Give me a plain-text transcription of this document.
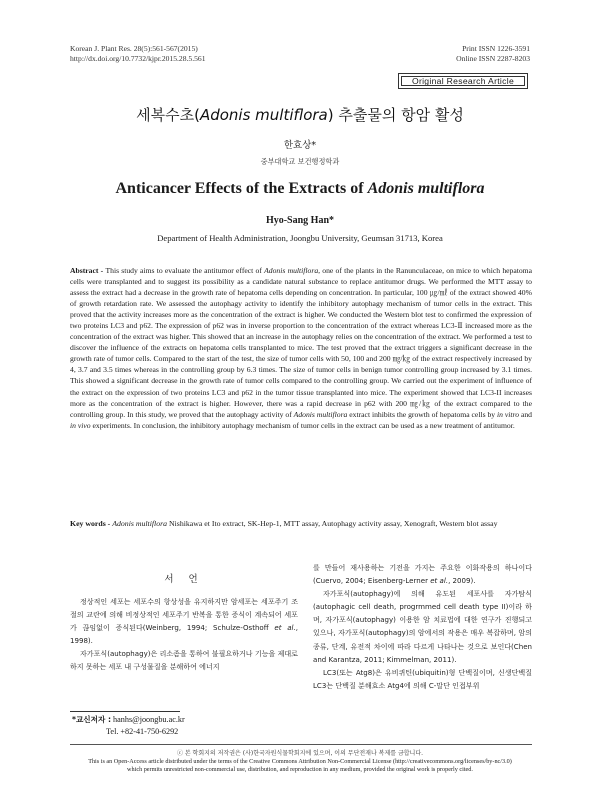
Korean J. Plant Res. 28(5):561-567(2015)
http://dx.doi.org/10.7732/kjpr.2015.28.5.561
Print ISSN 1226-3591
Online ISSN 2287-8203
Original Research Article
세복수초(Adonis multiflora) 추출물의 항암 활성
한효상*
중부대학교 보건행정학과
Anticancer Effects of the Extracts of Adonis multiflora
Hyo-Sang Han*
Department of Health Administration, Joongbu University, Geumsan 31713, Korea
Abstract - This study aims to evaluate the antitumor effect of Adonis multiflora, one of the plants in the Ranunculaceae, on mice to which hepatoma cells were transplanted and to suggest its possibility as a candidate natural substance to replace antitumor drugs. We performed the MTT assay to assess the extract had a decrease in the growth rate of hepatoma cells depending on concentration. In particular, 100 ㎍/㎖ of the extract showed 40% of growth retardation rate. We assessed the autophagy activity to identify the inhibitory autophagy mechanism of tumor cells in the extract. This proved that the activity increases more as the concentration of the extract is higher. We conducted the Western blot test to confirmed the expression of two proteins LC3 and p62. The expression of p62 was in inverse proportion to the concentration of the extract whereas LC3-Ⅱ increased more as the concentration of the extract was higher. This showed that an increase in the autophagy relies on the concentration of the extract. We performed a test to discover the influence of the extracts on hepatoma cells transplanted to mice. The test proved that the extract triggers a significant decrease in the growth rate of tumor cells. Compared to the start of the test, the size of tumor cells with 50, 100 and 200 ㎎/㎏ of the extract respectively increased by 4, 3.7 and 3.5 times whereas in the controlling group by 6.3 times. The size of tumor cells in benign tumor controlling group increased by 3.1 times. This showed a significant decrease in the growth rate of tumor cells compared to the controlling group. We carried out the experiment of influence of the extract on the expression of two proteins LC3 and p62 in the tumor tissue transplanted into mice. The experiment showed that LC3-II increases more as the concentration of the extract is higher. However, there was a rapid decrease in p62 with 200 ㎎/㎏ of the extract compared to the controlling group. In this study, we proved that the autophagy activity of Adonis multiflora extract inhibits the growth of hepatoma cells by in vitro and in vivo experiments. In conclusion, the inhibitory autophagy mechanism of tumor cells in the extract can be used as a new treatment of antitumor.
Key words - Adonis multiflora Nishikawa et Ito extract, SK-Hep-1, MTT assay, Autophagy activity assay, Xenograft, Western blot assay
서 언

정상적인 세포는 세포수의 항상성을 유지하지만 암세포는 세포주기 조절의 교란에 의해 비정상적인 세포주기 반복을 통한 증식이 계속되어 세포가 끊임없이 증식된다(Weinberg, 1994; Schulze-Osthoff et al., 1998).

자가포식(autophagy)은 리소좀을 통하여 불필요하거나 기능을 제대로 하지 못하는 세포 내 구성물질을 분해하여 에너지

를 만들어 재사용하는 기전을 가지는 주요한 이화작용의 하나이다(Cuervo, 2004; Eisenberg-Lerner et al., 2009).

자가포식(autophagy)에 의해 유도된 세포사를 자가탐식(autophagic cell death, progrmmed cell death type II)이라 하며, 자가포식(autophagy) 이용한 암 치료법에 대한 연구가 진행되고 있으나, 자가포식(autophagy)의 암에서의 작용은 매우 복잡하며, 암의 종류, 단계, 유전적 차이에 따라 다르게 나타나는 것으로 보인다(Chen and Karantza, 2011; Kimmelman, 2011).

LC3(또는 Atg8)은 유비퀴틴(ubiquitin)형 단백질이며, 신생단백질 LC3는 단백질 분해효소 Atg4에 의해 C-말단 인접부위

*교신저자 : hanhs@joongbu.ac.kr
Tel. +82-41-750-6292
ⓒ 본 학회지의 저작권은 (사)한국자원식물학회지에 있으며, 이의 무단전재나 복제를 금합니다.
This is an Open-Access article distributed under the terms of the Creative Commons Attribution Non-Commercial License (http://creativecommons.org/licenses/by-nc/3.0)
which permits unrestricted non-commercial use, distribution, and reproduction in any medium, provided the original work is properly cited.
